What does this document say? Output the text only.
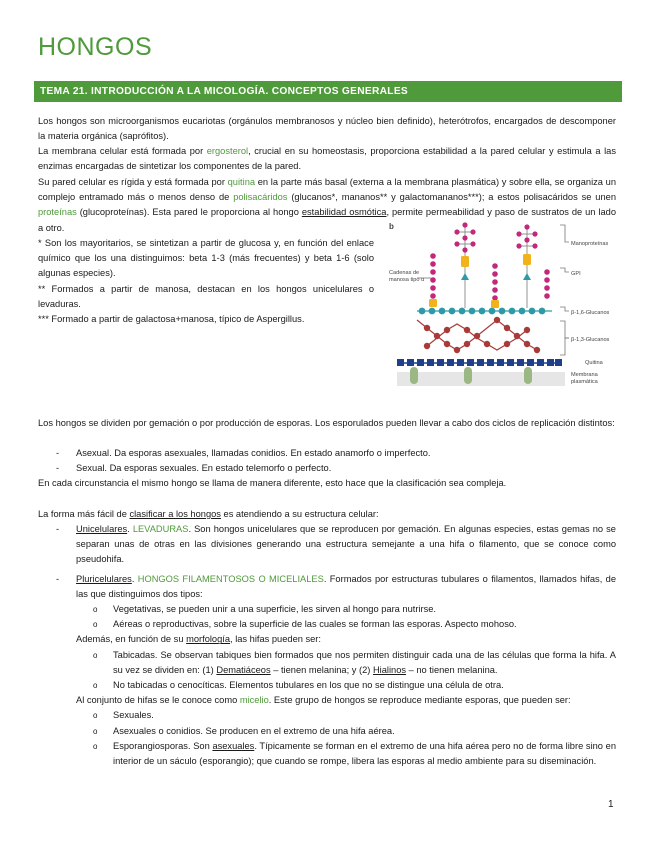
HONGOS
TEMA 21. INTRODUCCIÓN A LA MICOLOGÍA. CONCEPTOS GENERALES
Los hongos son microorganismos eucariotas (orgánulos membranosos y núcleo bien definido), heterótrofos, encargados de descomponer la materia orgánica (saprófitos).
La membrana celular está formada por ergosterol, crucial en su homeostasis, proporciona estabilidad a la pared celular y estimula a las enzimas encargadas de sintetizar los componentes de la pared.
Su pared celular es rígida y está formada por quitina en la parte más basal (externa a la membrana plasmática) y sobre ella, se organiza un complejo entramado más o menos denso de polisacáridos (glucanos*, mananos** y galactomananos***); a estos polisacáridos se unen proteínas (glucoproteínas). Esta pared le proporciona al hongo estabilidad osmótica, permite permeabilidad y paso de sustratos de un lado a otro.
* Son los mayoritarios, se sintetizan a partir de glucosa y, en función del enlace químico que los una distinguimos: beta 1-3 (más frecuentes) y beta 1-6 (solo algunas especies).
** Formados a partir de manosa, destacan en los hongos unicelulares o levaduras.
*** Formado a partir de galactosa+manosa, típico de Aspergillus.
b
Manoproteínas
GPI
Cadenas de
manosa tipo α
β-1,6-Glucanos
β-1,3-Glucanos
Quitina
Membrana
plasmática
Los hongos se dividen por gemación o por producción de esporas. Los esporulados pueden llevar a cabo dos ciclos de replicación distintos:
- Asexual. Da esporas asexuales, llamadas conidios. En estado anamorfo o imperfecto.
- Sexual. Da esporas sexuales. En estado telemorfo o perfecto.
En cada circunstancia el mismo hongo se llama de manera diferente, esto hace que la clasificación sea compleja.
La forma más fácil de clasificar a los hongos es atendiendo a su estructura celular:
- Unicelulares. LEVADURAS. Son hongos unicelulares que se reproducen por gemación. En algunas especies, estas gemas no se separan unas de otras en las divisiones generando una estructura semejante a una hifa o filamento, que se conoce como pseudohifa.
- Pluricelulares. HONGOS FILAMENTOSOS O MICELIALES. Formados por estructuras tubulares o filamentos, llamados hifas, de las que distinguimos dos tipos:
o Vegetativas, se pueden unir a una superficie, les sirven al hongo para nutrirse.
o Aéreas o reproductivas, sobre la superficie de las cuales se forman las esporas. Aspecto mohoso.
Además, en función de su morfología, las hifas pueden ser:
o Tabicadas. Se observan tabiques bien formados que nos permiten distinguir cada una de las células que forma la hifa. A su vez se dividen en: (1) Dematiáceos – tienen melanina; y (2) Hialinos – no tienen melanina.
o No tabicadas o cenocíticas. Elementos tubulares en los que no se distingue una célula de otra.
Al conjunto de hifas se le conoce como micelio. Este grupo de hongos se reproduce mediante esporas, que pueden ser:
o Sexuales.
o Asexuales o conidios. Se producen en el extremo de una hifa aérea.
o Esporangiosporas. Son asexuales. Típicamente se forman en el extremo de una hifa aérea pero no de forma libre sino en interior de un sáculo (esporangio); que cuando se rompe, libera las esporas al medio ambiente para su diseminación.
1
